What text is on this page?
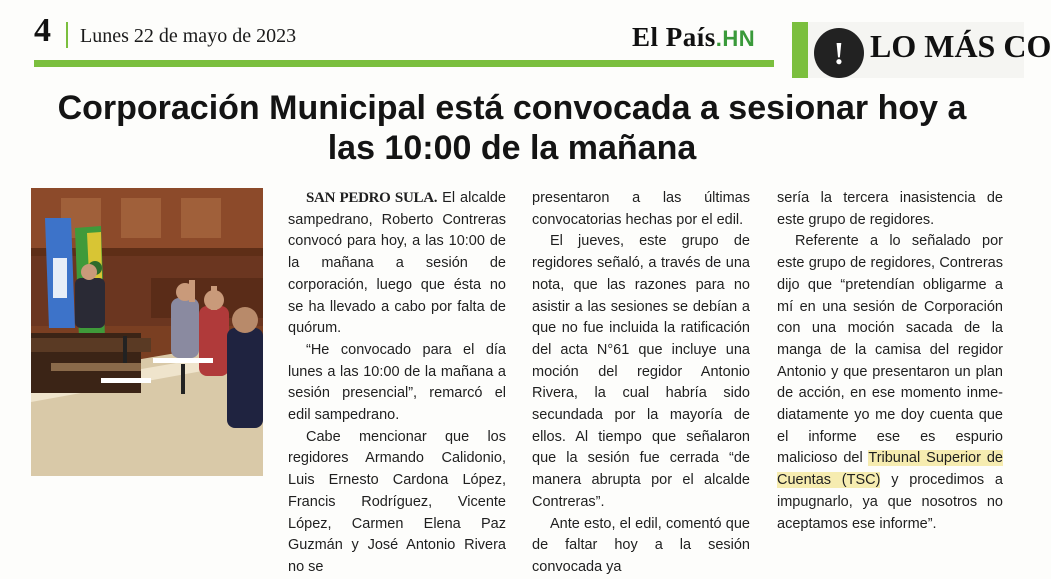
4 Lunes 22 de mayo de 2023	El País.HN	! LO MÁS CO
Corporación Municipal está convocada a sesionar hoy a las 10:00 de la mañana

SAN PEDRO SULA. El alcalde sampedrano, Roberto Contreras convocó para hoy, a las 10:00 de la mañana a sesión de corporación, luego que ésta no se ha llevado a cabo por falta de quórum.

“He convocado para el día lunes a las 10:00 de la mañana a sesión presencial”, remarcó el edil sampedrano.

Cabe mencionar que los regidores Armando Calidonio, Luis Ernesto Cardona López, Francis Rodríguez, Vicente López, Carmen Elena Paz Guzmán y José Antonio Rivera no se

presentaron a las últimas convocatorias hechas por el edil.

El jueves, este grupo de regidores señaló, a través de una nota, que las razones para no asistir a las sesiones se debían a que no fue incluida la ratificación del acta N°61 que incluye una moción del regidor Antonio Rivera, la cual habría sido secundada por la mayoría de ellos. Al tiempo que señalaron que la sesión fue cerrada “de manera abrupta por el alcalde Contreras”.

Ante esto, el edil, comentó que de faltar hoy a la sesión convocada ya

sería la tercera inasistencia de este grupo de regidores.

Referente a lo señalado por este grupo de regidores, Contreras dijo que “pretendían obligarme a mí en una sesión de Corporación con una moción sacada de la manga de la camisa del regidor Antonio y que presentaron un plan de acción, en ese momento inmediatamente yo me doy cuenta que el informe ese es espurio malicioso del Tribunal Superior de Cuentas (TSC) y procedimos a impugnarlo, ya que nosotros no aceptamos ese informe”.
